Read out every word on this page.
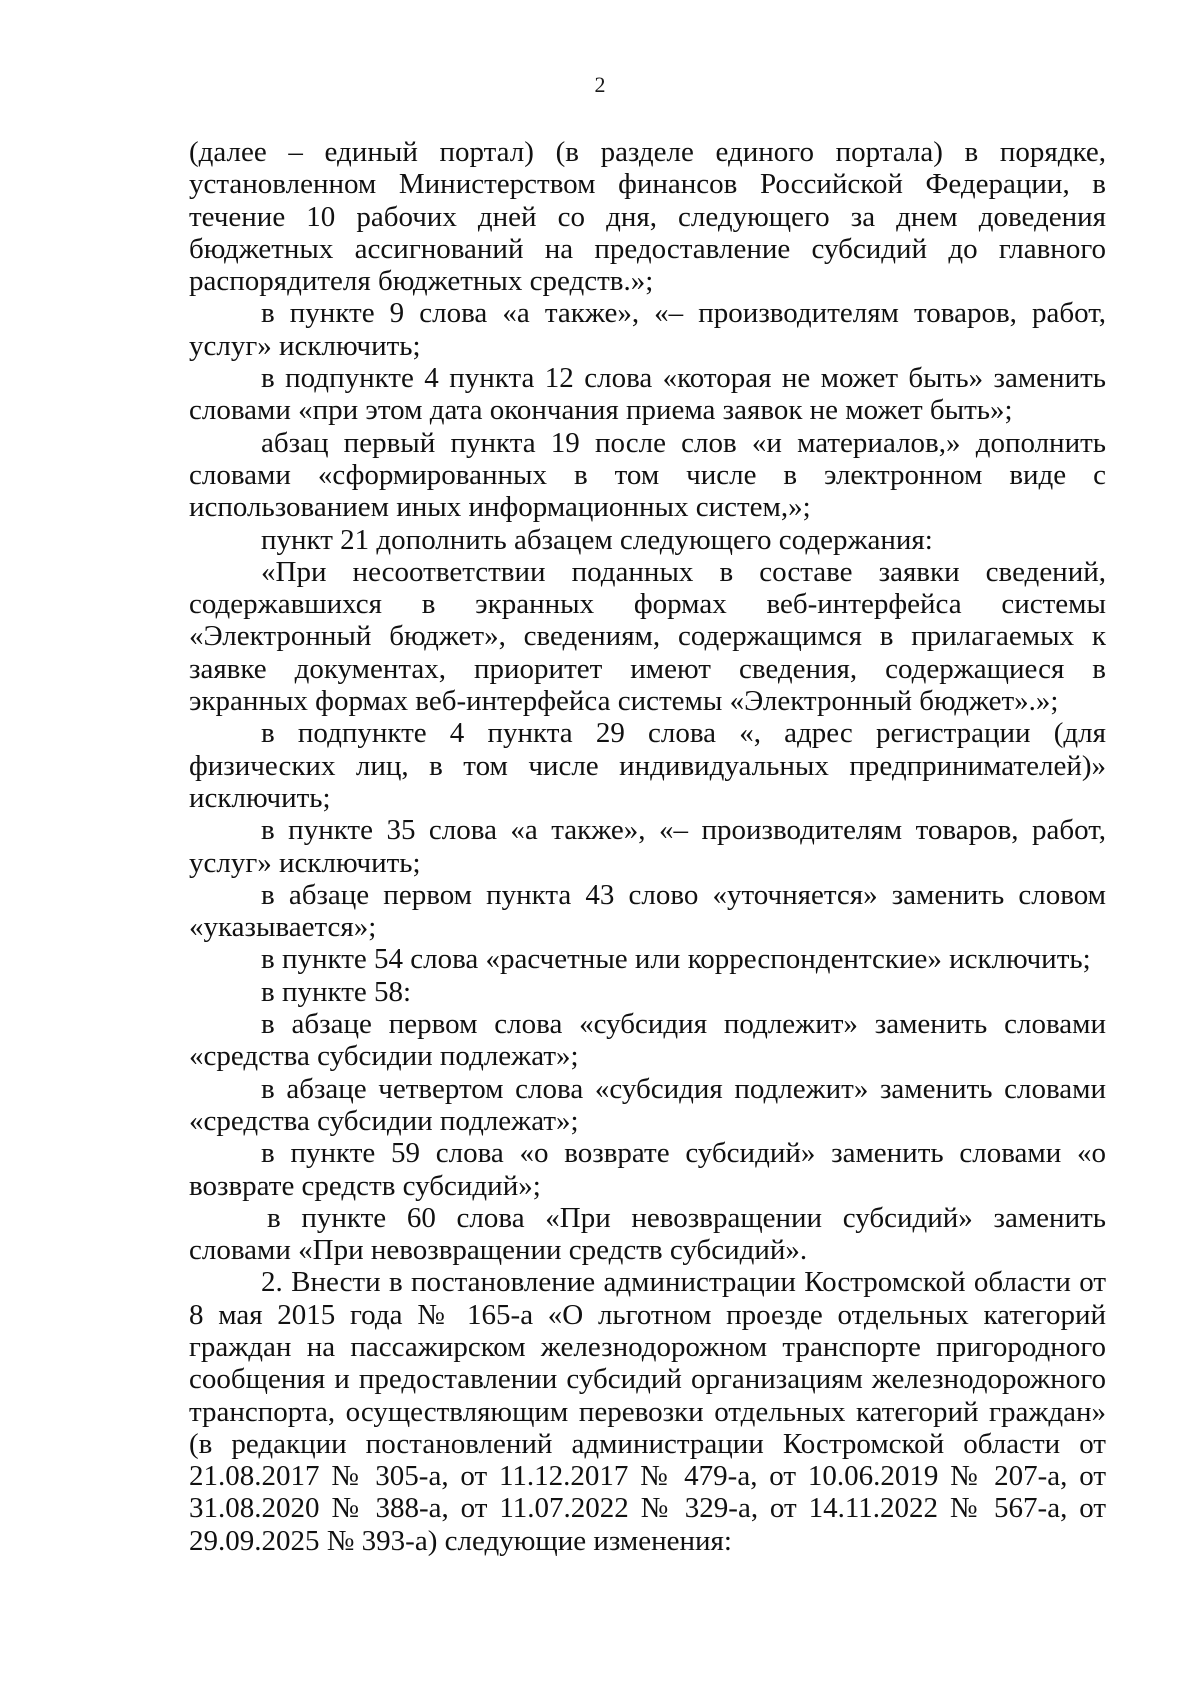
2

(далее – единый портал) (в разделе единого портала) в порядке, установленном Министерством финансов Российской Федерации, в течение 10 рабочих дней со дня, следующего за днем доведения бюджетных ассигнований на предоставление субсидий до главного распорядителя бюджетных средств.»;

в пункте 9 слова «а также», «– производителям товаров, работ, услуг» исключить;

в подпункте 4 пункта 12 слова «которая не может быть» заменить словами «при этом дата окончания приема заявок не может быть»;

абзац первый пункта 19 после слов «и материалов,» дополнить словами «сформированных в том числе в электронном виде с использованием иных информационных систем,»;

пункт 21 дополнить абзацем следующего содержания:

«При несоответствии поданных в составе заявки сведений, содержавшихся в экранных формах веб-интерфейса системы «Электронный бюджет», сведениям, содержащимся в прилагаемых к заявке документах, приоритет имеют сведения, содержащиеся в экранных формах веб-интерфейса системы «Электронный бюджет».»;

в подпункте 4 пункта 29 слова «, адрес регистрации (для физических лиц, в том числе индивидуальных предпринимателей)» исключить;

в пункте 35 слова «а также», «– производителям товаров, работ, услуг» исключить;

в абзаце первом пункта 43 слово «уточняется» заменить словом «указывается»;

в пункте 54 слова «расчетные или корреспондентские» исключить;

в пункте 58:

в абзаце первом слова «субсидия подлежит» заменить словами «средства субсидии подлежат»;

в абзаце четвертом слова «субсидия подлежит» заменить словами «средства субсидии подлежат»;

в пункте 59 слова «о возврате субсидий» заменить словами «о возврате средств субсидий»;

в пункте 60 слова «При невозвращении субсидий» заменить словами «При невозвращении средств субсидий».

2. Внести в постановление администрации Костромской области от 8 мая 2015 года № 165-а «О льготном проезде отдельных категорий граждан на пассажирском железнодорожном транспорте пригородного сообщения и предоставлении субсидий организациям железнодорожного транспорта, осуществляющим перевозки отдельных категорий граждан» (в редакции постановлений администрации Костромской области от 21.08.2017 № 305-а, от 11.12.2017 № 479-а, от 10.06.2019 № 207-а, от 31.08.2020 № 388-а, от 11.07.2022 № 329-а, от 14.11.2022 № 567-а, от 29.09.2025 № 393-а) следующие изменения:
